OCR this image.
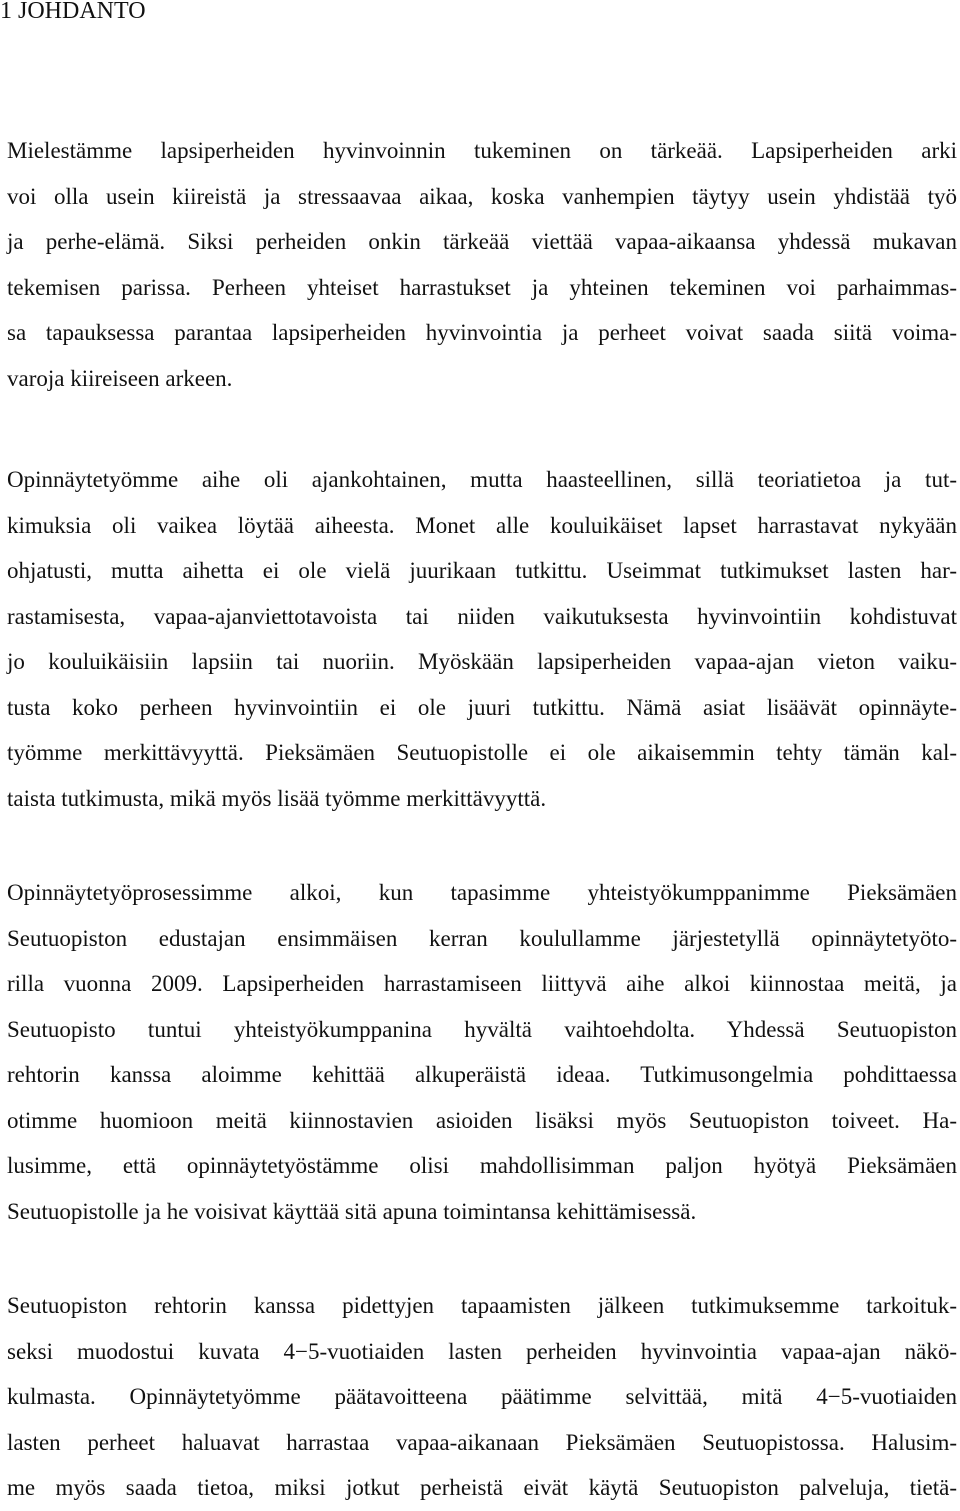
1 JOHDANTO
Mielestämme lapsiperheiden hyvinvoinnin tukeminen on tärkeää. Lapsiperheiden arki
voi olla usein kiireistä ja stressaavaa aikaa, koska vanhempien täytyy usein yhdistää työ
ja perhe-elämä. Siksi perheiden onkin tärkeää viettää vapaa-aikaansa yhdessä mukavan
tekemisen parissa. Perheen yhteiset harrastukset ja yhteinen tekeminen voi parhaimmas-
sa tapauksessa parantaa lapsiperheiden hyvinvointia ja perheet voivat saada siitä voima-
varoja kiireiseen arkeen.
Opinnäytetyömme aihe oli ajankohtainen, mutta haasteellinen, sillä teoriatietoa ja tut-
kimuksia oli vaikea löytää aiheesta. Monet alle kouluikäiset lapset harrastavat nykyään
ohjatusti, mutta aihetta ei ole vielä juurikaan tutkittu. Useimmat tutkimukset lasten har-
rastamisesta, vapaa-ajanviettotavoista tai niiden vaikutuksesta hyvinvointiin kohdistuvat
jo kouluikäisiin lapsiin tai nuoriin. Myöskään lapsiperheiden vapaa-ajan vieton vaiku-
tusta koko perheen hyvinvointiin ei ole juuri tutkittu. Nämä asiat lisäävät opinnäyte-
työmme merkittävyyttä. Pieksämäen Seutuopistolle ei ole aikaisemmin tehty tämän kal-
taista tutkimusta, mikä myös lisää työmme merkittävyyttä.
Opinnäytetyöprosessimme alkoi, kun tapasimme yhteistyökumppanimme Pieksämäen
Seutuopiston edustajan ensimmäisen kerran koulullamme järjestetyllä opinnäytetyöto-
rilla vuonna 2009. Lapsiperheiden harrastamiseen liittyvä aihe alkoi kiinnostaa meitä, ja
Seutuopisto tuntui yhteistyökumppanina hyvältä vaihtoehdolta. Yhdessä Seutuopiston
rehtorin kanssa aloimme kehittää alkuperäistä ideaa. Tutkimusongelmia pohdittaessa
otimme huomioon meitä kiinnostavien asioiden lisäksi myös Seutuopiston toiveet. Ha-
lusimme, että opinnäytetyöstämme olisi mahdollisimman paljon hyötyä Pieksämäen
Seutuopistolle ja he voisivat käyttää sitä apuna toimintansa kehittämisessä.
Seutuopiston rehtorin kanssa pidettyjen tapaamisten jälkeen tutkimuksemme tarkoituk-
seksi muodostui kuvata 4−5-vuotiaiden lasten perheiden hyvinvointia vapaa-ajan näkö-
kulmasta. Opinnäytetyömme päätavoitteena päätimme selvittää, mitä 4−5-vuotiaiden
lasten perheet haluavat harrastaa vapaa-aikanaan Pieksämäen Seutuopistossa. Halusim-
me myös saada tietoa, miksi jotkut perheistä eivät käytä Seutuopiston palveluja, tietä-
